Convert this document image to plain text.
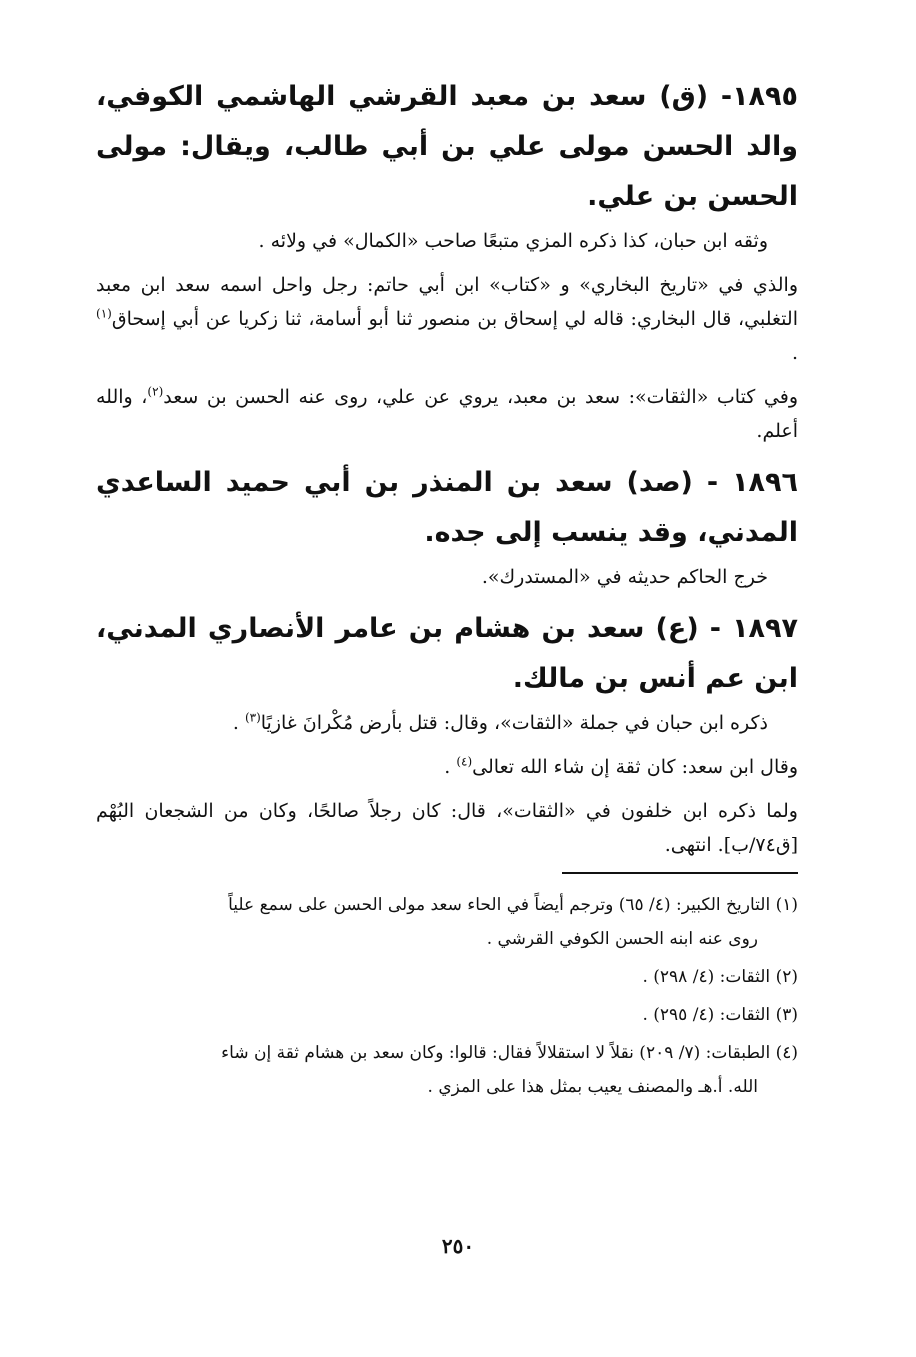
١٨٩٥- (ق) سعد بن معبد القرشي الهاشمي الكوفي، والد الحسن مولى علي بن أبي طالب، ويقال: مولى الحسن بن علي.

وثقه ابن حبان، كذا ذكره المزي متبعًا صاحب «الكمال» في ولائه .

والذي في «تاريخ البخاري» و «كتاب» ابن أبي حاتم: رجل واحل اسمه سعد ابن معبد التغلبي، قال البخاري: قاله لي إسحاق بن منصور ثنا أبو أسامة، ثنا زكريا عن أبي إسحاق$^{(١)}$ .

وفي كتاب «الثقات»: سعد بن معبد، يروي عن علي، روى عنه الحسن بن سعد$^{(٢)}$، والله أعلم.

١٨٩٦ - (صد) سعد بن المنذر بن أبي حميد الساعدي المدني، وقد ينسب إلى جده.

خرج الحاكم حديثه في «المستدرك».

١٨٩٧ - (ع) سعد بن هشام بن عامر الأنصاري المدني، ابن عم أنس بن مالك.

ذكره ابن حبان في جملة «الثقات»، وقال: قتل بأرض مُكْرانَ غازيًا$^{(٣)}$ .

وقال ابن سعد: كان ثقة إن شاء الله تعالى$^{(٤)}$ .

ولما ذكره ابن خلفون في «الثقات»، قال: كان رجلاً صالحًا، وكان من الشجعان البُهْم [ق٧٤/ب]. انتهى.

(١) التاريخ الكبير: (٤/ ٦٥) وترجم أيضاً في الحاء سعد مولى الحسن على سمع علياً
روى عنه ابنه الحسن الكوفي القرشي .

(٢) الثقات: (٤/ ٢٩٨) .

(٣) الثقات: (٤/ ٢٩٥) .

(٤) الطبقات: (٧/ ٢٠٩) نقلاً لا استقلالاً فقال: قالوا: وكان سعد بن هشام ثقة إن شاء
الله. أ.هـ والمصنف يعيب بمثل هذا على المزي .

٢٥٠
